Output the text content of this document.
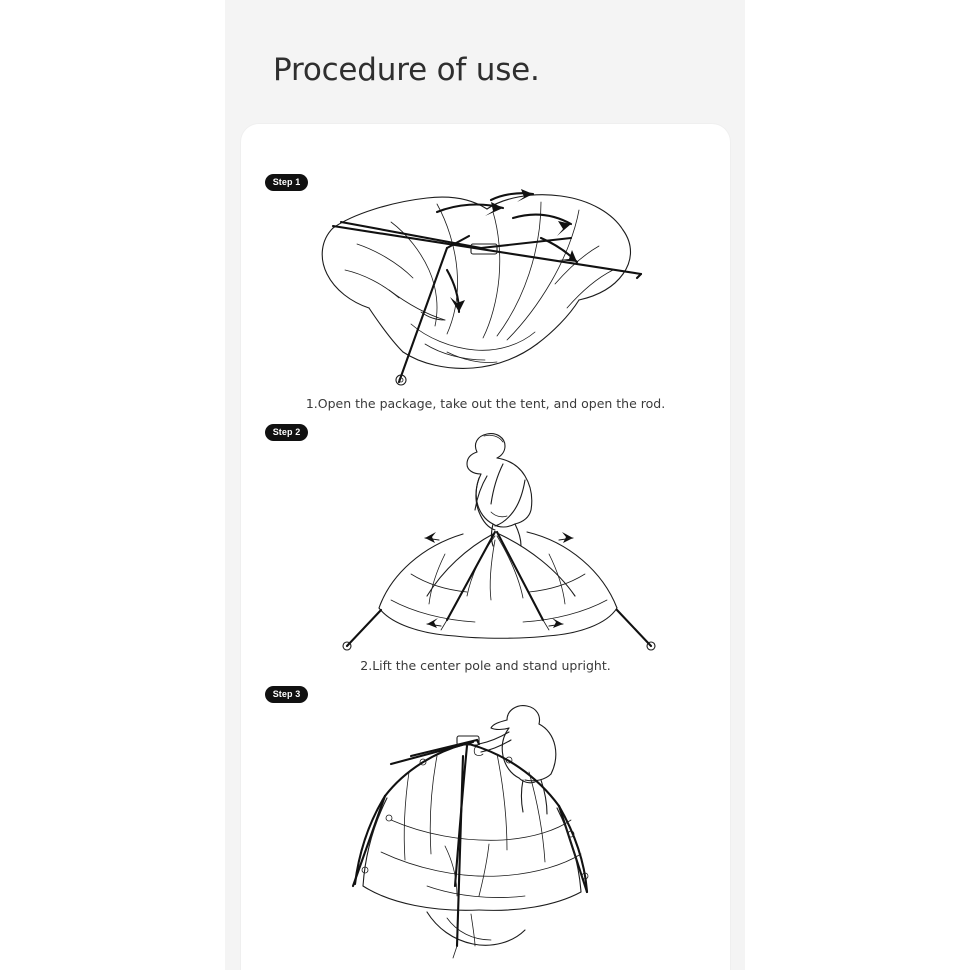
Procedure of use.
Step 1
1.Open the package, take out the tent, and open the rod.
Step 2
2.Lift the center pole and stand upright.
Step 3
